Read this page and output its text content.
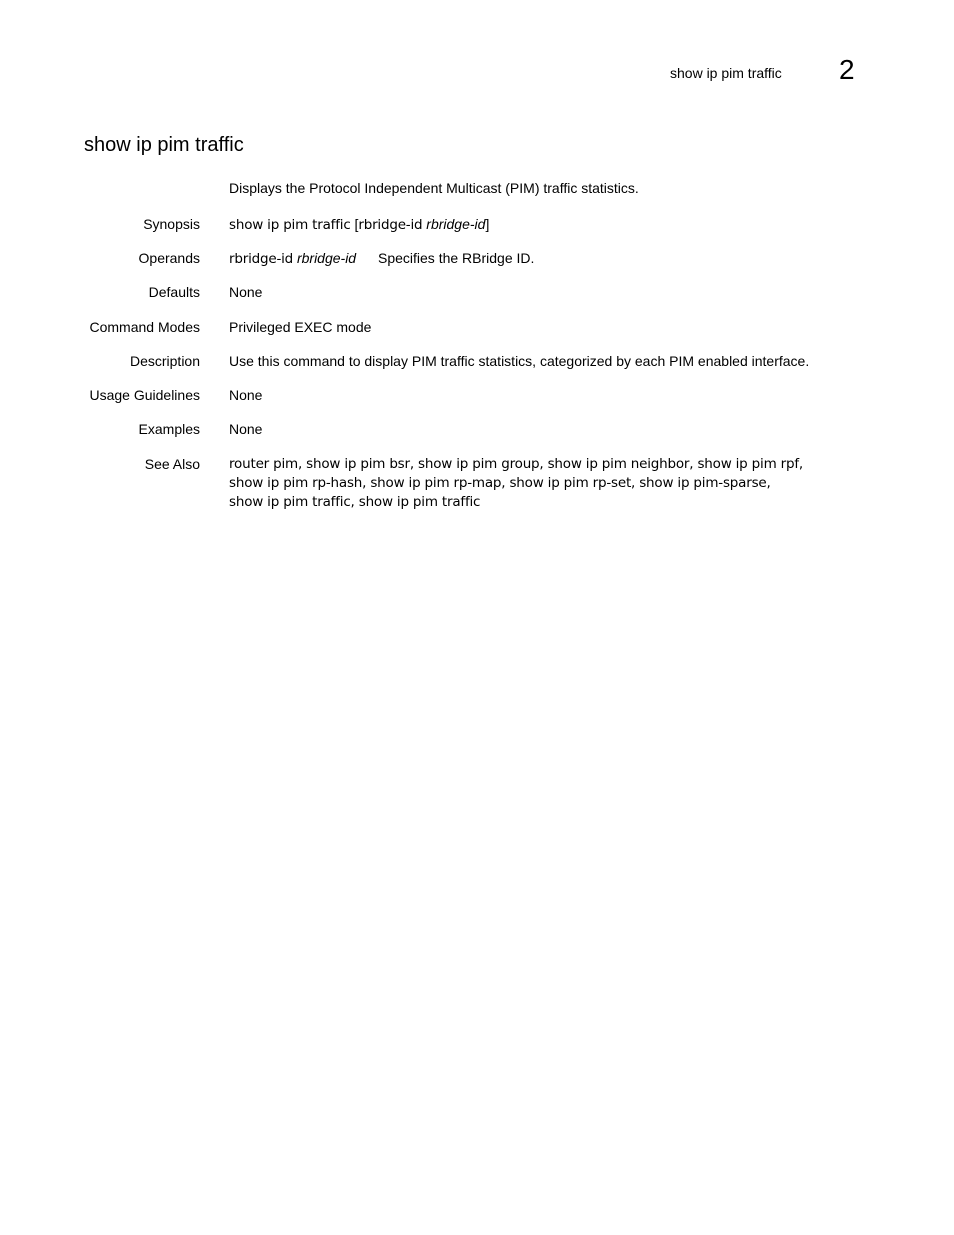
show ip pim traffic 2
show ip pim traffic
Displays the Protocol Independent Multicast (PIM) traffic statistics.
Synopsis show ip pim traffic [rbridge-id rbridge-id]
Operands rbridge-id rbridge-id Specifies the RBridge ID.
Defaults None
Command Modes Privileged EXEC mode
Description Use this command to display PIM traffic statistics, categorized by each PIM enabled interface.
Usage Guidelines None
Examples None
See Also router pim, show ip pim bsr, show ip pim group, show ip pim neighbor, show ip pim rpf,
show ip pim rp-hash, show ip pim rp-map, show ip pim rp-set, show ip pim-sparse,
show ip pim traffic, show ip pim traffic
